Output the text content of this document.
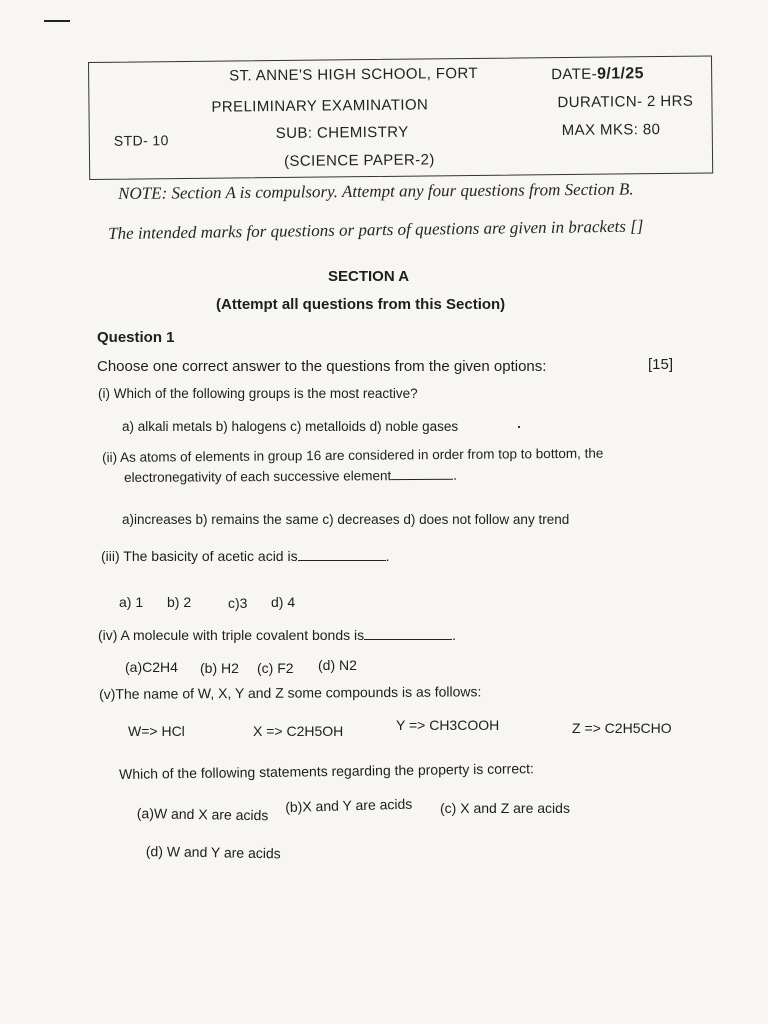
ST. ANNE'S HIGH SCHOOL, FORT
PRELIMINARY EXAMINATION
STD- 10	SUB: CHEMISTRY
(SCIENCE PAPER-2)
DATE-9/1/25
DURATICN- 2 HRS
MAX MKS: 80
NOTE: Section A is compulsory. Attempt any four questions from Section B.
The intended marks for questions or parts of questions are given in brackets []
SECTION A
(Attempt all questions from this Section)
Question 1
Choose one correct answer to the questions from the given options:	[15]
(i) Which of the following groups is the most reactive?
a) alkali metals b) halogens c) metalloids d) noble gases
(ii) As atoms of elements in group 16 are considered in order from top to bottom, the
electronegativity of each successive element	.
a)increases b) remains the same c) decreases d) does not follow any trend
(iii) The basicity of acetic acid is	.
a) 1 b) 2	c)3 d) 4
(iv) A molecule with triple covalent bonds is	.
(a)C2H4 (b) H2 (c) F2 (d) N2
(v)The name of W, X, Y and Z some compounds is as follows:
W=> HCl	X => C2H5OH	Y => CH3COOH	Z => C2H5CHO
Which of the following statements regarding the property is correct:
(a)W and X are acids (b)X and Y are acids (c) X and Z are acids
(d) W and Y are acids
